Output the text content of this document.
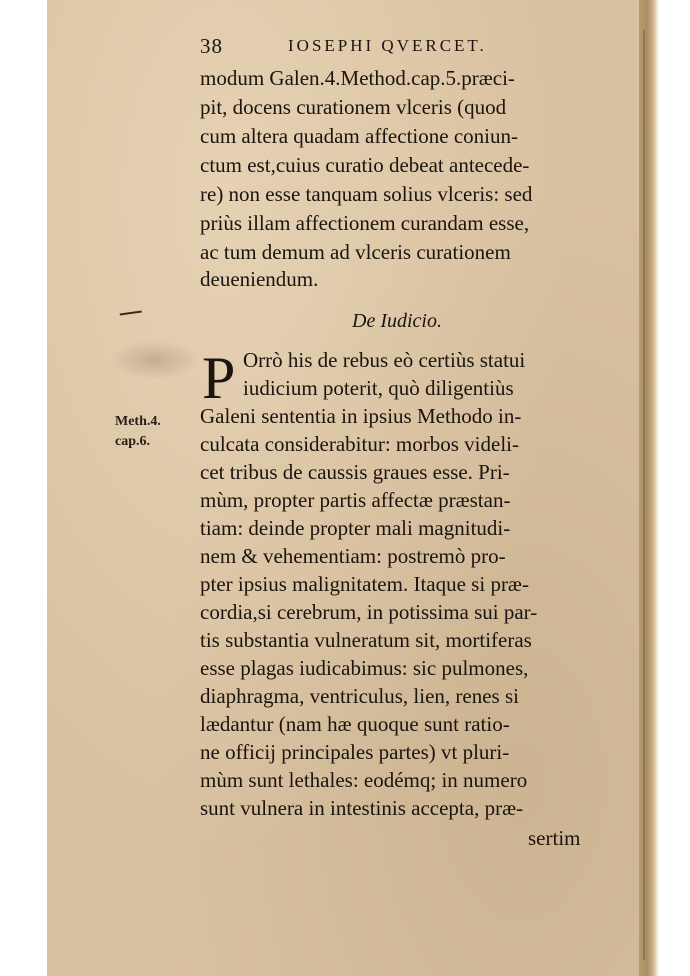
38	IOSEPHI QVERCET.
modum Galen.4.Method.cap.5.præci-
pit, docens curationem vlceris (quod
cum altera quadam affectione coniun-
ctum est,cuius curatio debeat antecede-
re) non esse tanquam solius vlceris: sed
priùs illam affectionem curandam esse,
ac tum demum ad vlceris curationem
deueniendum.
De Iudicio.
P Orrò his de rebus eò certiùs statui
iudicium poterit, quò diligentiùs
Galeni sententia in ipsius Methodo in-
culcata considerabitur: morbos videli-
cet tribus de caussis graues esse. Pri-
mùm, propter partis affectæ præstan-
tiam: deinde propter mali magnitudi-
nem & vehementiam: postremò pro-
pter ipsius malignitatem. Itaque si præ-
cordia,si cerebrum, in potissima sui par-
tis substantia vulneratum sit, mortiferas
esse plagas iudicabimus: sic pulmones,
diaphragma, ventriculus, lien, renes si
lædantur (nam hæ quoque sunt ratio-
ne officij principales partes) vt pluri-
mùm sunt lethales: eodémq; in numero
sunt vulnera in intestinis accepta, præ-
sertim
Meth.4.
cap.6.
